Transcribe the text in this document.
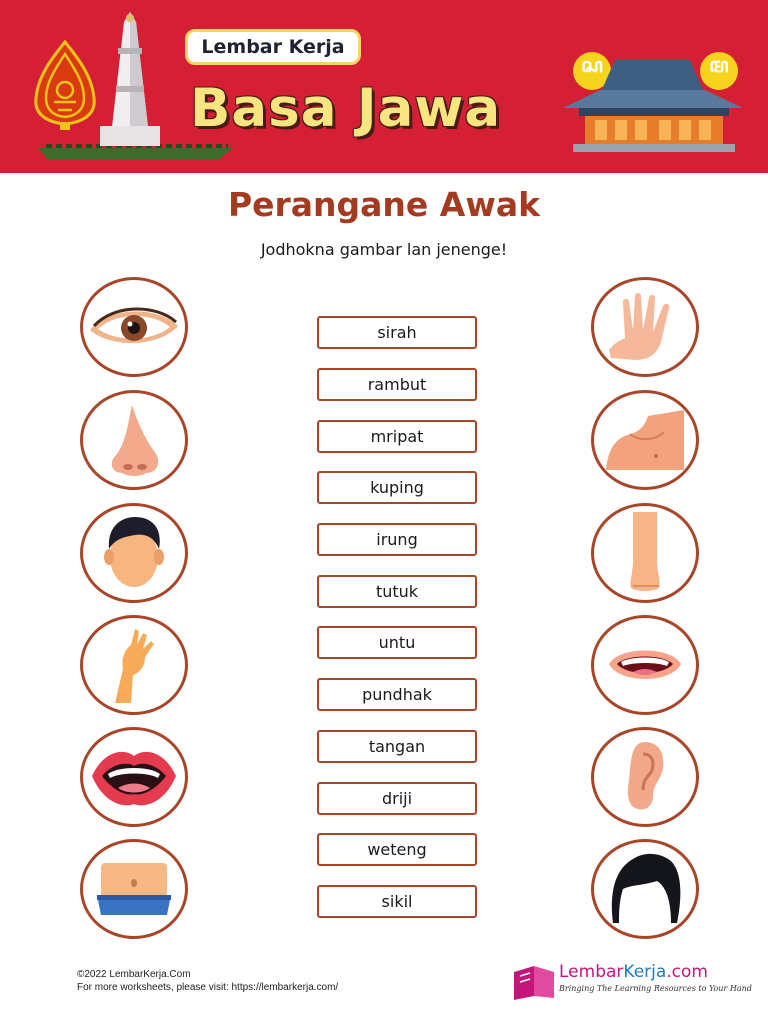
Lembar Kerja
Basa Jawa
ꦱ	ꦩ
Perangane Awak
Jodhokna gambar lan jenenge!
sirah
rambut
mripat
kuping
irung
tutuk
untu
pundhak
tangan
driji
weteng
sikil
©2022 LembarKerja.Com
For more worksheets, please visit: https://lembarkerja.com/
LembarKerja.com
Bringing The Learning Resources to Your Hand
